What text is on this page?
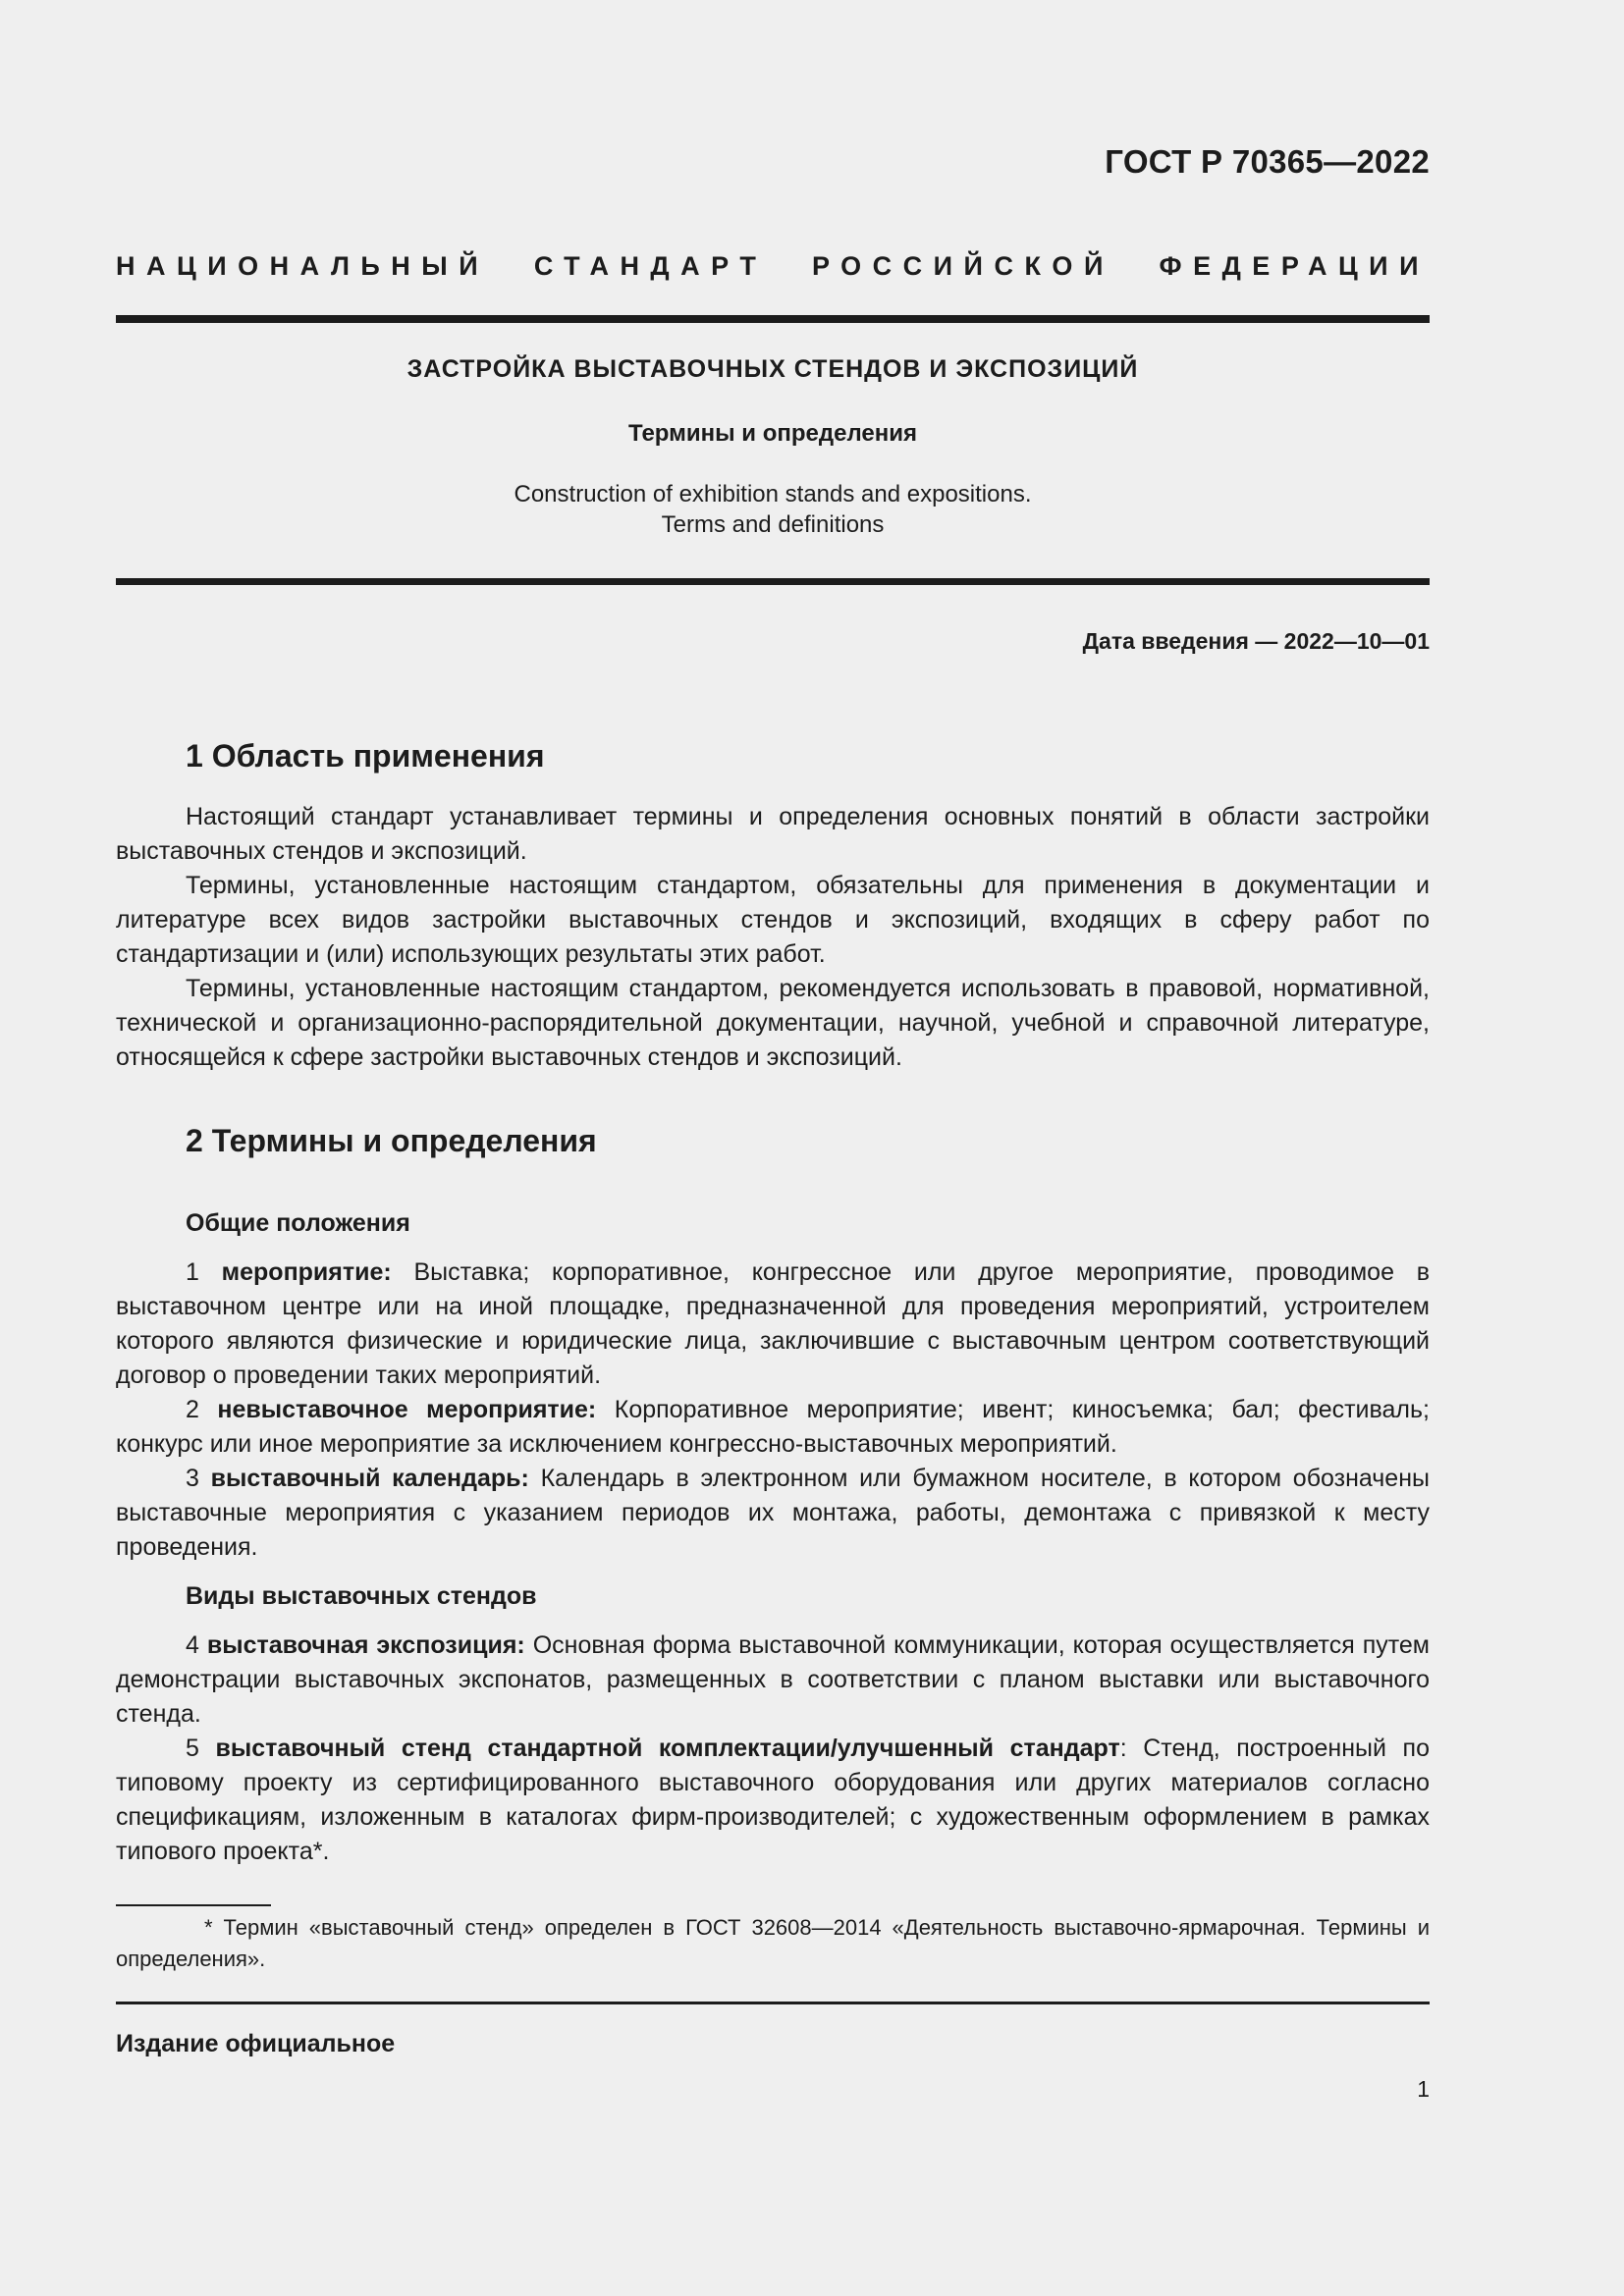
ГОСТ Р 70365—2022
НАЦИОНАЛЬНЫЙ СТАНДАРТ РОССИЙСКОЙ ФЕДЕРАЦИИ
ЗАСТРОЙКА ВЫСТАВОЧНЫХ СТЕНДОВ И ЭКСПОЗИЦИЙ
Термины и определения
Construction of exhibition stands and expositions.
Terms and definitions
Дата введения — 2022—10—01
1 Область применения
Настоящий стандарт устанавливает термины и определения основных понятий в области застройки выставочных стендов и экспозиций.
Термины, установленные настоящим стандартом, обязательны для применения в документации и литературе всех видов застройки выставочных стендов и экспозиций, входящих в сферу работ по стандартизации и (или) использующих результаты этих работ.
Термины, установленные настоящим стандартом, рекомендуется использовать в правовой, нормативной, технической и организационно-распорядительной документации, научной, учебной и справочной литературе, относящейся к сфере застройки выставочных стендов и экспозиций.
2 Термины и определения
Общие положения
1 мероприятие: Выставка; корпоративное, конгрессное или другое мероприятие, проводимое в выставочном центре или на иной площадке, предназначенной для проведения мероприятий, устроителем которого являются физические и юридические лица, заключившие с выставочным центром соответствующий договор о проведении таких мероприятий.
2 невыставочное мероприятие: Корпоративное мероприятие; ивент; киносъемка; бал; фестиваль; конкурс или иное мероприятие за исключением конгрессно-выставочных мероприятий.
3 выставочный календарь: Календарь в электронном или бумажном носителе, в котором обозначены выставочные мероприятия с указанием периодов их монтажа, работы, демонтажа с привязкой к месту проведения.
Виды выставочных стендов
4 выставочная экспозиция: Основная форма выставочной коммуникации, которая осуществляется путем демонстрации выставочных экспонатов, размещенных в соответствии с планом выставки или выставочного стенда.
5 выставочный стенд стандартной комплектации/улучшенный стандарт: Стенд, построенный по типовому проекту из сертифицированного выставочного оборудования или других материалов согласно спецификациям, изложенным в каталогах фирм-производителей; с художественным оформлением в рамках типового проекта*.
* Термин «выставочный стенд» определен в ГОСТ 32608—2014 «Деятельность выставочно-ярмарочная. Термины и определения».
Издание официальное
1
